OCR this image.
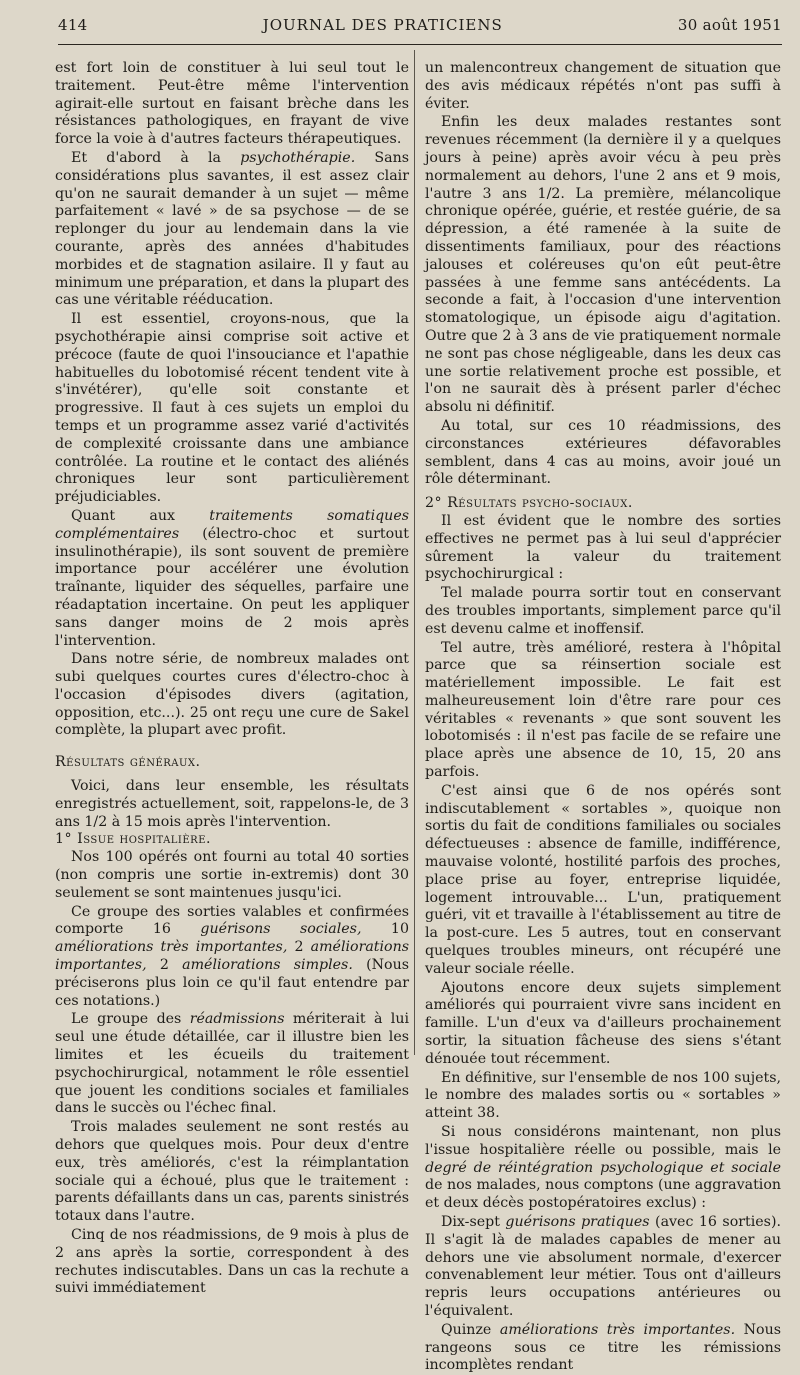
414	JOURNAL DES PRATICIENS	30 août 1951

est fort loin de constituer à lui seul tout le traitement. Peut-être même l'intervention agirait-elle surtout en faisant brèche dans les résistances pathologiques, en frayant de vive force la voie à d'autres facteurs thérapeutiques.

Et d'abord à la psychothérapie. Sans considérations plus savantes, il est assez clair qu'on ne saurait demander à un sujet — même parfaitement « lavé » de sa psychose — de se replonger du jour au lendemain dans la vie courante, après des années d'habitudes morbides et de stagnation asilaire. Il y faut au minimum une préparation, et dans la plupart des cas une véritable rééducation.

Il est essentiel, croyons-nous, que la psychothérapie ainsi comprise soit active et précoce (faute de quoi l'insouciance et l'apathie habituelles du lobotomisé récent tendent vite à s'invétérer), qu'elle soit constante et progressive. Il faut à ces sujets un emploi du temps et un programme assez varié d'activités de complexité croissante dans une ambiance contrôlée. La routine et le contact des aliénés chroniques leur sont particulièrement préjudiciables.

Quant aux traitements somatiques complémentaires (électro-choc et surtout insulinothérapie), ils sont souvent de première importance pour accélérer une évolution traînante, liquider des séquelles, parfaire une réadaptation incertaine. On peut les appliquer sans danger moins de 2 mois après l'intervention.

Dans notre série, de nombreux malades ont subi quelques courtes cures d'électro-choc à l'occasion d'épisodes divers (agitation, opposition, etc...). 25 ont reçu une cure de Sakel complète, la plupart avec profit.

Résultats généraux.

Voici, dans leur ensemble, les résultats enregistrés actuellement, soit, rappelons-le, de 3 ans 1/2 à 15 mois après l'intervention.

1° Issue hospitalière.

Nos 100 opérés ont fourni au total 40 sorties (non compris une sortie in-extremis) dont 30 seulement se sont maintenues jusqu'ici.

Ce groupe des sorties valables et confirmées comporte 16 guérisons sociales, 10 améliorations très importantes, 2 améliorations importantes, 2 améliorations simples. (Nous préciserons plus loin ce qu'il faut entendre par ces notations.)

Le groupe des réadmissions mériterait à lui seul une étude détaillée, car il illustre bien les limites et les écueils du traitement psychochirurgical, notamment le rôle essentiel que jouent les conditions sociales et familiales dans le succès ou l'échec final.

Trois malades seulement ne sont restés au dehors que quelques mois. Pour deux d'entre eux, très améliorés, c'est la réimplantation sociale qui a échoué, plus que le traitement : parents défaillants dans un cas, parents sinistrés totaux dans l'autre.

Cinq de nos réadmissions, de 9 mois à plus de 2 ans après la sortie, correspondent à des rechutes indiscutables. Dans un cas la rechute a suivi immédiatement

un malencontreux changement de situation que des avis médicaux répétés n'ont pas suffi à éviter.

Enfin les deux malades restantes sont revenues récemment (la dernière il y a quelques jours à peine) après avoir vécu à peu près normalement au dehors, l'une 2 ans et 9 mois, l'autre 3 ans 1/2. La première, mélancolique chronique opérée, guérie, et restée guérie, de sa dépression, a été ramenée à la suite de dissentiments familiaux, pour des réactions jalouses et coléreuses qu'on eût peut-être passées à une femme sans antécédents. La seconde a fait, à l'occasion d'une intervention stomatologique, un épisode aigu d'agitation. Outre que 2 à 3 ans de vie pratiquement normale ne sont pas chose négligeable, dans les deux cas une sortie relativement proche est possible, et l'on ne saurait dès à présent parler d'échec absolu ni définitif.

Au total, sur ces 10 réadmissions, des circonstances extérieures défavorables semblent, dans 4 cas au moins, avoir joué un rôle déterminant.

2° Résultats psycho-sociaux.

Il est évident que le nombre des sorties effectives ne permet pas à lui seul d'apprécier sûrement la valeur du traitement psychochirurgical :

Tel malade pourra sortir tout en conservant des troubles importants, simplement parce qu'il est devenu calme et inoffensif.

Tel autre, très amélioré, restera à l'hôpital parce que sa réinsertion sociale est matériellement impossible. Le fait est malheureusement loin d'être rare pour ces véritables « revenants » que sont souvent les lobotomisés : il n'est pas facile de se refaire une place après une absence de 10, 15, 20 ans parfois.

C'est ainsi que 6 de nos opérés sont indiscutablement « sortables », quoique non sortis du fait de conditions familiales ou sociales défectueuses : absence de famille, indifférence, mauvaise volonté, hostilité parfois des proches, place prise au foyer, entreprise liquidée, logement introuvable... L'un, pratiquement guéri, vit et travaille à l'établissement au titre de la post-cure. Les 5 autres, tout en conservant quelques troubles mineurs, ont récupéré une valeur sociale réelle.

Ajoutons encore deux sujets simplement améliorés qui pourraient vivre sans incident en famille. L'un d'eux va d'ailleurs prochainement sortir, la situation fâcheuse des siens s'étant dénouée tout récemment.

En définitive, sur l'ensemble de nos 100 sujets, le nombre des malades sortis ou « sortables » atteint 38.

Si nous considérons maintenant, non plus l'issue hospitalière réelle ou possible, mais le degré de réintégration psychologique et sociale de nos malades, nous comptons (une aggravation et deux décès postopératoires exclus) :

Dix-sept guérisons pratiques (avec 16 sorties). Il s'agit là de malades capables de mener au dehors une vie absolument normale, d'exercer convenablement leur métier. Tous ont d'ailleurs repris leurs occupations antérieures ou l'équivalent.

Quinze améliorations très importantes. Nous rangeons sous ce titre les rémissions incomplètes rendant
